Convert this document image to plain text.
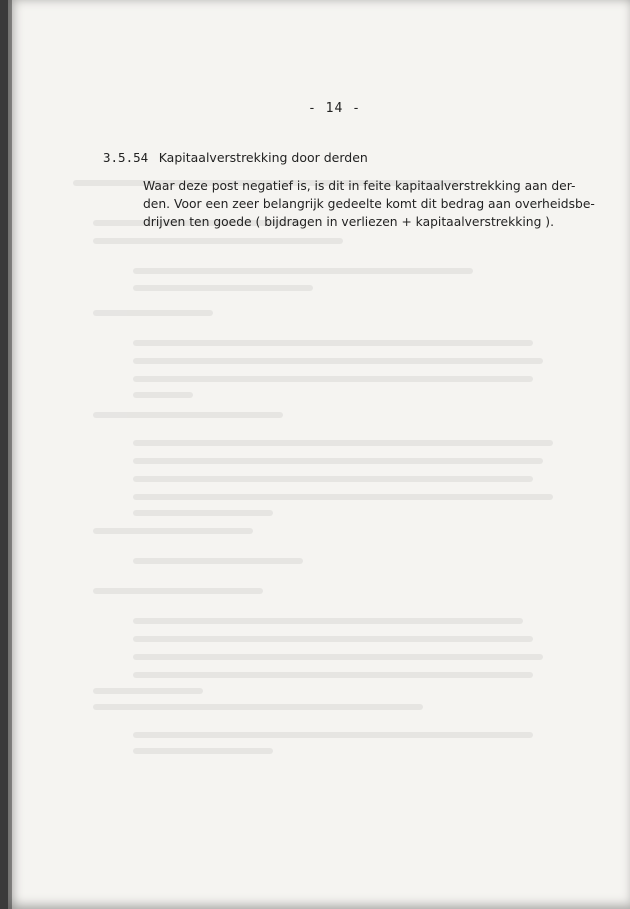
- 14 -
3.5.54 Kapitaalverstrekking door derden
Waar deze post negatief is, is dit in feite kapitaalverstrekking aan der-
den. Voor een zeer belangrijk gedeelte komt dit bedrag aan overheidsbe-
drijven ten goede ( bijdragen in verliezen + kapitaalverstrekking ).
